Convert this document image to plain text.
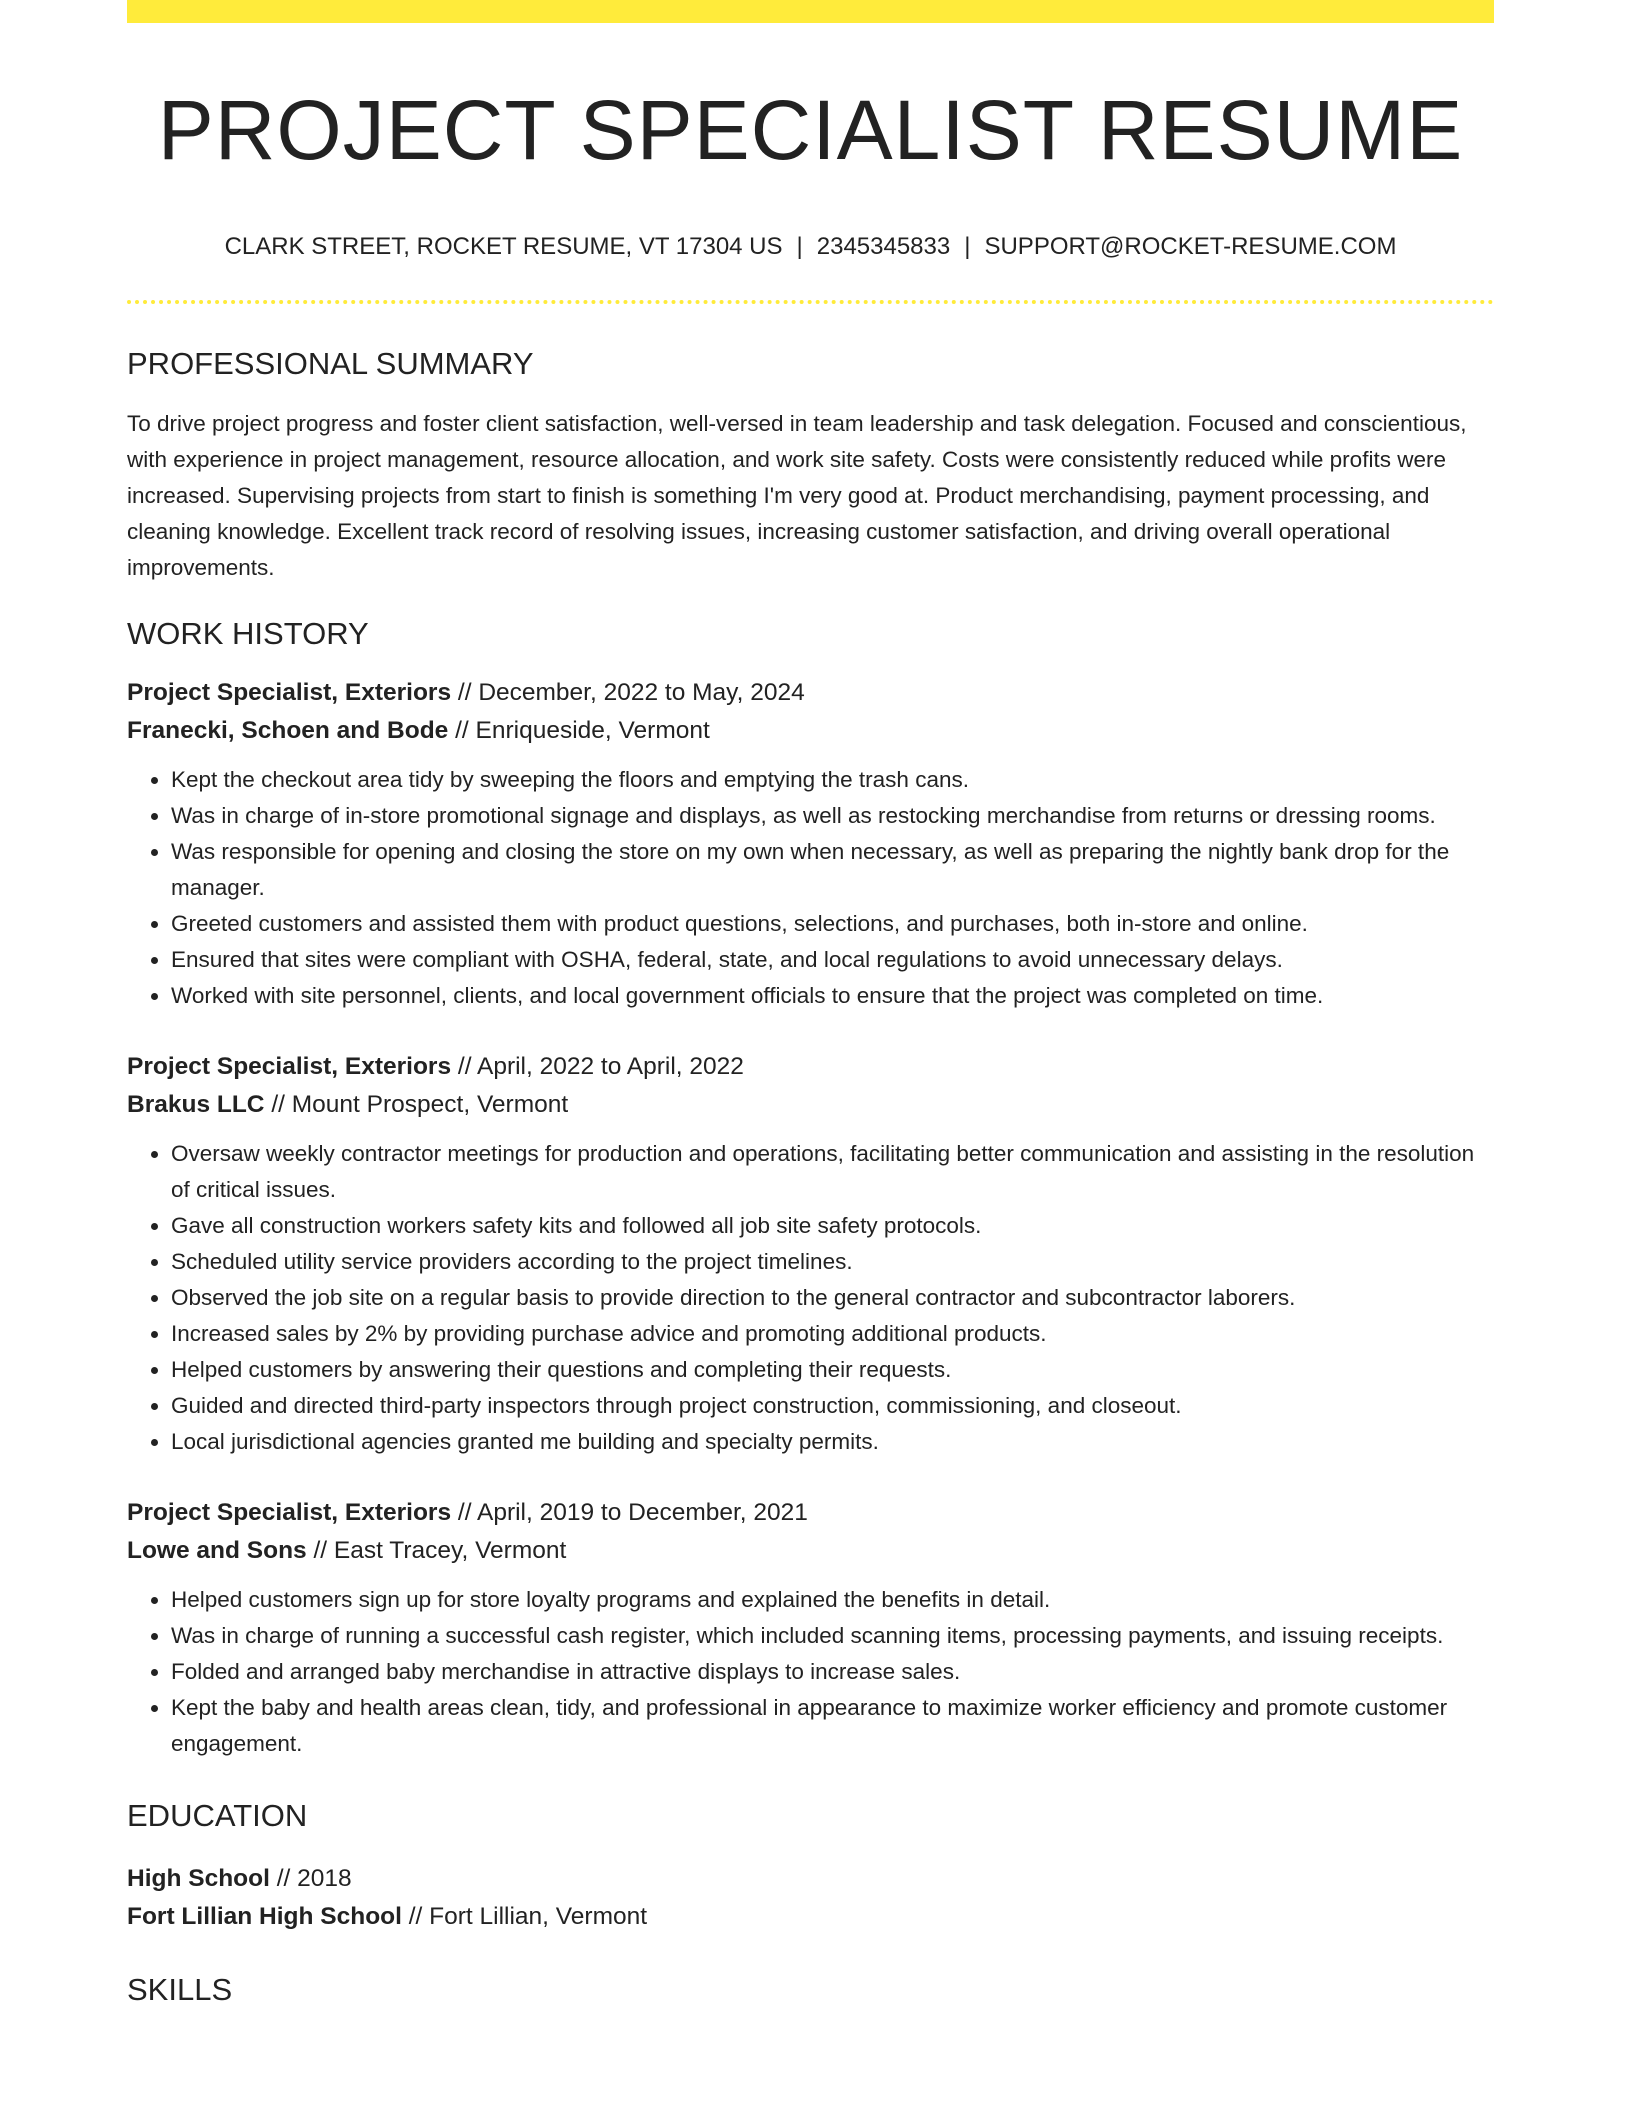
PROJECT SPECIALIST RESUME
CLARK STREET, ROCKET RESUME, VT 17304 US | 2345345833 | SUPPORT@ROCKET-RESUME.COM
PROFESSIONAL SUMMARY

To drive project progress and foster client satisfaction, well-versed in team leadership and task delegation. Focused and conscientious, with experience in project management, resource allocation, and work site safety. Costs were consistently reduced while profits were increased. Supervising projects from start to finish is something I'm very good at. Product merchandising, payment processing, and cleaning knowledge. Excellent track record of resolving issues, increasing customer satisfaction, and driving overall operational improvements.

WORK HISTORY
Project Specialist, Exteriors // December, 2022 to May, 2024
Franecki, Schoen and Bode // Enriqueside, Vermont
• Kept the checkout area tidy by sweeping the floors and emptying the trash cans.
• Was in charge of in-store promotional signage and displays, as well as restocking merchandise from returns or dressing rooms.
• Was responsible for opening and closing the store on my own when necessary, as well as preparing the nightly bank drop for the manager.
• Greeted customers and assisted them with product questions, selections, and purchases, both in-store and online.
• Ensured that sites were compliant with OSHA, federal, state, and local regulations to avoid unnecessary delays.
• Worked with site personnel, clients, and local government officials to ensure that the project was completed on time.
Project Specialist, Exteriors // April, 2022 to April, 2022
Brakus LLC // Mount Prospect, Vermont
• Oversaw weekly contractor meetings for production and operations, facilitating better communication and assisting in the resolution of critical issues.
• Gave all construction workers safety kits and followed all job site safety protocols.
• Scheduled utility service providers according to the project timelines.
• Observed the job site on a regular basis to provide direction to the general contractor and subcontractor laborers.
• Increased sales by 2% by providing purchase advice and promoting additional products.
• Helped customers by answering their questions and completing their requests.
• Guided and directed third-party inspectors through project construction, commissioning, and closeout.
• Local jurisdictional agencies granted me building and specialty permits.
Project Specialist, Exteriors // April, 2019 to December, 2021
Lowe and Sons // East Tracey, Vermont
• Helped customers sign up for store loyalty programs and explained the benefits in detail.
• Was in charge of running a successful cash register, which included scanning items, processing payments, and issuing receipts.
• Folded and arranged baby merchandise in attractive displays to increase sales.
• Kept the baby and health areas clean, tidy, and professional in appearance to maximize worker efficiency and promote customer engagement.
EDUCATION
High School // 2018
Fort Lillian High School // Fort Lillian, Vermont
SKILLS
